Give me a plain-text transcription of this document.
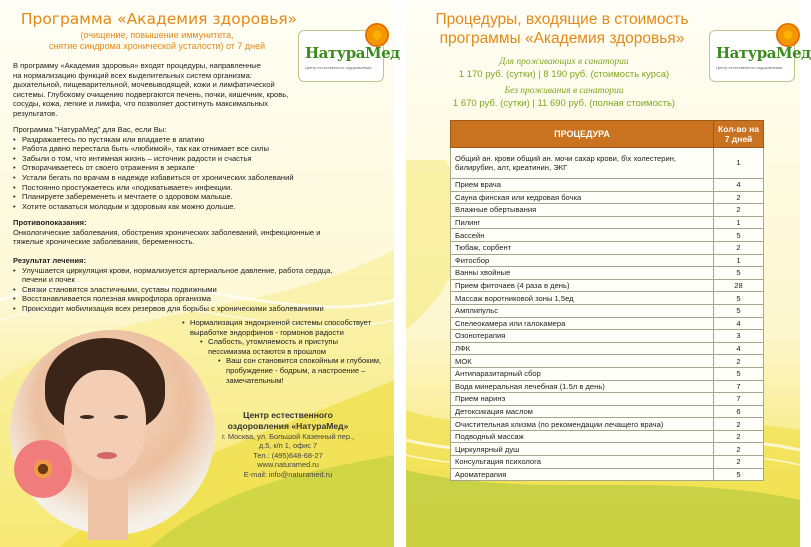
Программа «Академия здоровья»
(очищение, повышение иммунитета,
снятие синдрома хронической усталости) от 7 дней	НатураМед
Центр естественного оздоровления
В программу «Академия здоровья» входят процедуры, направленные
на нормализацию функций всех выделительных систем организма:
дыхательной, пищеварительной, мочевыводящей, кожи и лимфатической
системы. Глубокому очищению подвергаются печень, почки, кишечник, кровь,
сосуды, кожа, легкие и лимфа, что позволяет достигнуть максимальных результатов.
Программа "НатураМед" для Вас, если Вы:
• Раздражаетесь по пустякам или впадаете в апатию
• Работа давно перестала быть «любимой», так как отнимает все силы
• Забыли о том, что интимная жизнь – источник радости и счастья
• Отворачиваетесь от своего отражения в зеркале
• Устали бегать по врачам в надежде избавиться от хронических заболеваний
• Постоянно простужаетесь или «подхватываете» инфекции.
• Планируете забеременеть и мечтаете о здоровом малыше.
• Хотите оставаться молодым и здоровым как можно дольше.
Противопоказания:
Онкологические заболевания, обострения хронических заболеваний, инфекционные и
тяжелые хронические заболевания, беременность.
Результат лечения:
• Улучшается циркуляция крови, нормализуется артериальное давление, работа сердца, печени и почек
• Связки становятся эластичными, суставы подвижными
• Восстанавливается полезная микрофлора организма
• Происходит мобилизация всех резервов для борьбы с хроническими заболеваниями
• Нормализация эндокринной системы способствует выработке эндорфинов - гормонов радости
• Слабость, утомляемость и приступы пессимизма остаются в прошлом
• Ваш сон становится спокойным и глубоким, пробуждение - бодрым, а настроение – замечательным!
Центр естественного
оздоровления «НатураМед»
г. Москва, ул. Большой Казенный пер.,
д.5, к/п 1, офис 7
Тел.: (495)648-68-27
www.naturamed.ru
E-mail: info@naturamed.ru
Процедуры, входящие в стоимость
программы «Академия здоровья»
НатураМед
Центр естественного оздоровления
Для проживающих в санатории
1 170 руб. (сутки) | 8 190 руб. (стоимость курса)
Без проживания в санатории
1 670 руб. (сутки) | 11 690 руб. (полная стоимость)
ПРОЦЕДУРА	Кол-во на 7 дней
Общий ан. крови общий ан. мочи сахар крови, б\х холестерин, билирубин, алт, креатинин, ЭКГ	1
Прием врача	4
Сауна финская или кедровая бочка	2
Влажные обертывания	2
Пилинг	1
Бассейн	5
Тюбаж, сорбент	2
Фитосбор	1
Ванны хвойные	5
Прием фиточаев (4 раза в день)	28
Массаж воротниковой зоны 1,5ед	5
Амплипульс	5
Спелеокамера или галокамера	4
Озонотерапия	3
ЛФК	4
МОК	2
Антипаразитарный сбор	5
Вода минеральная лечебная (1.5л в день)	7
Прием наринэ	7
Детоксикация маслом	6
Очистительная клизма (по рекомендации лечащего врача)	2
Подводный массаж	2
Циркулярный душ	2
Консультация психолога	2
Ароматерапия	5
